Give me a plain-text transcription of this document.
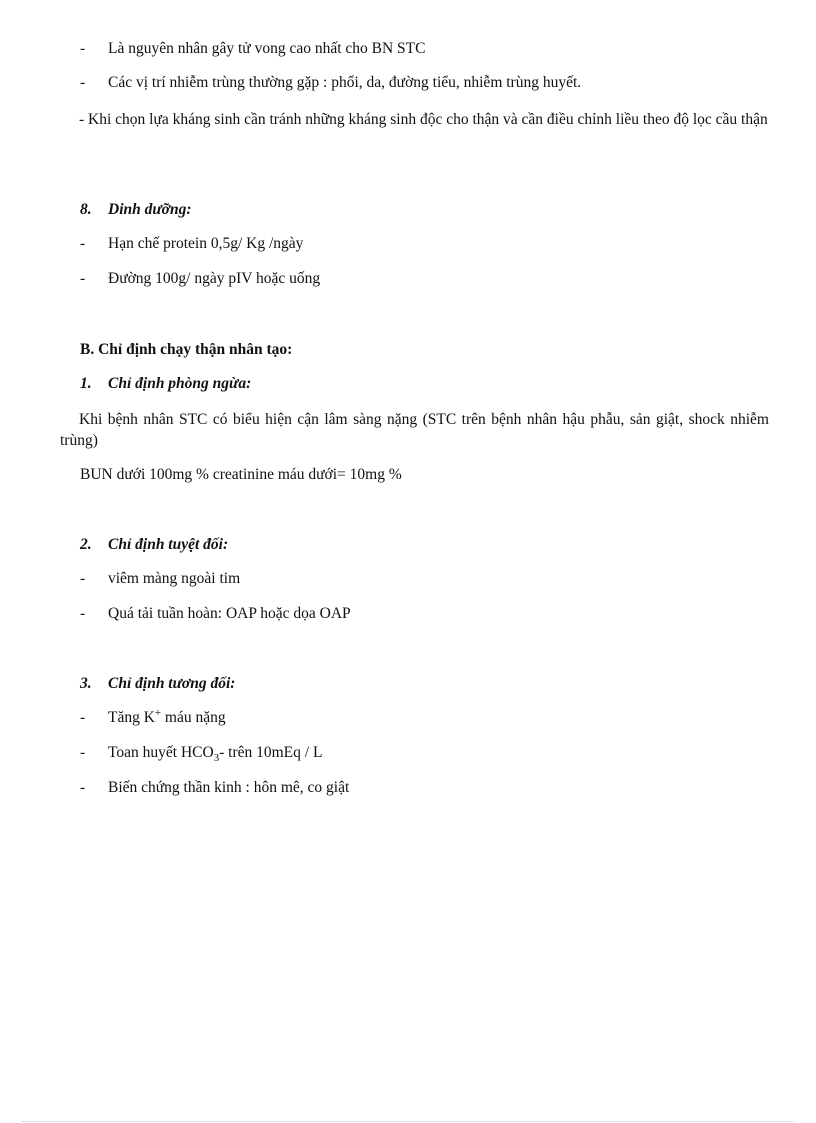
- Là nguyên nhân gây tử vong cao nhất cho BN STC
- Các vị trí nhiễm trùng thường gặp : phổi, da, đường tiểu, nhiễm trùng huyết.
- Khi chọn lựa kháng sinh cần tránh những kháng sinh độc cho thận và cần điều chỉnh liều theo độ lọc cầu thận
8. Dinh dưỡng:
- Hạn chế protein 0,5g/ Kg /ngày
- Đường 100g/ ngày pIV hoặc uống
B. Chỉ định chạy thận nhân tạo:
1. Chỉ định phòng ngừa:
Khi bệnh nhân STC có biểu hiện cận lâm sàng nặng (STC trên bệnh nhân hậu phẫu, sản giật, shock nhiễm trùng)
BUN dưới 100mg % creatinine máu dưới= 10mg %
2. Chỉ định tuyệt đối:
- viêm màng ngoài tim
- Quá tải tuần hoàn: OAP hoặc dọa OAP
3. Chỉ định tương đối:
- Tăng K+ máu nặng
- Toan huyết $HCO_3-$ trên 10mEq / L
- Biến chứng thần kinh : hôn mê, co giật
